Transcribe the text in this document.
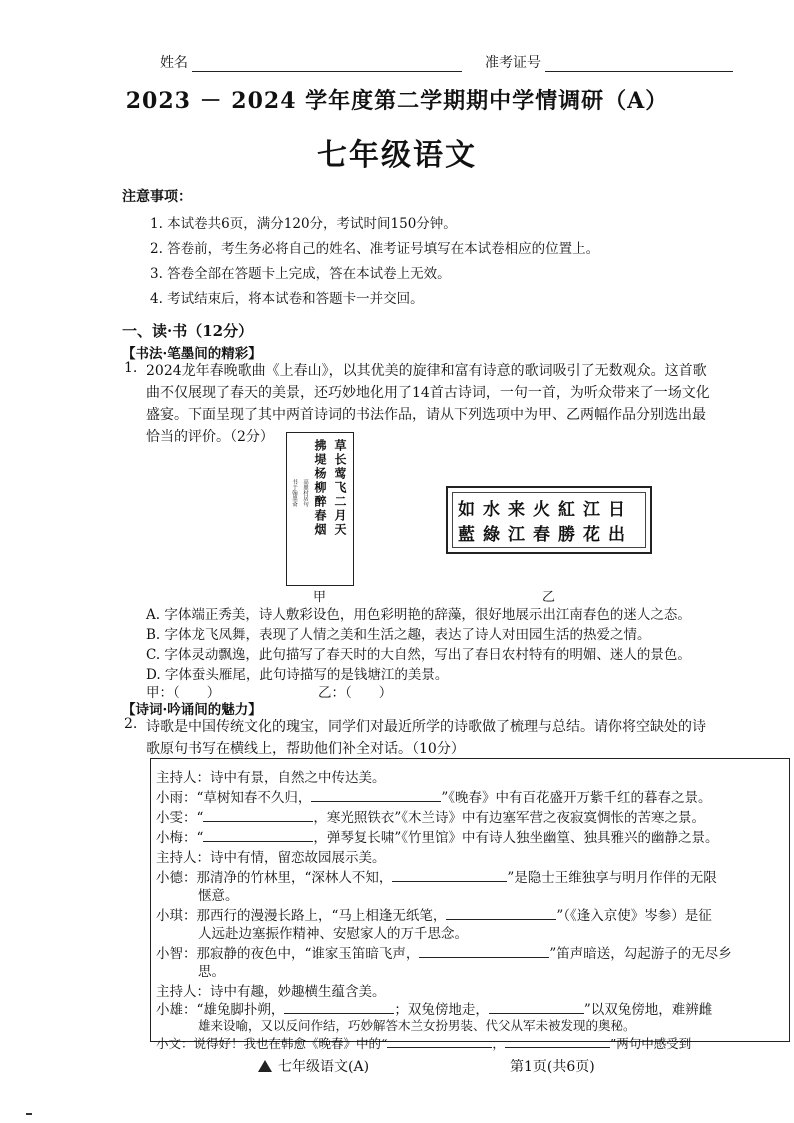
姓名	准考证号
2023 － 2024 学年度第二学期期中学情调研（A）
七年级语文
注意事项：
1. 本试卷共6页，满分120分，考试时间150分钟。
2. 答卷前，考生务必将自己的姓名、准考证号填写在本试卷相应的位置上。
3. 答卷全部在答题卡上完成，答在本试卷上无效。
4. 考试结束后，将本试卷和答题卡一并交回。
一、读·书（12分）
【书法·笔墨间的精彩】
1. 2024龙年春晚歌曲《上春山》，以其优美的旋律和富有诗意的歌词吸引了无数观众。这首歌
曲不仅展现了春天的美景，还巧妙地化用了14首古诗词，一句一首，为听众带来了一场文化
盛宴。下面呈现了其中两首诗词的书法作品，请从下列选项中为甲、乙两幅作品分别选出最
恰当的评价。（2分）
草长莺飞二月天
拂堤杨柳醉春烟
高鼎村居句
书于翰墨斋
甲
如水来火紅江日
藍綠江春勝花出
乙
A. 字体端正秀美，诗人敷彩设色，用色彩明艳的辞藻，很好地展示出江南春色的迷人之态。
B. 字体龙飞凤舞，表现了人情之美和生活之趣，表达了诗人对田园生活的热爱之情。
C. 字体灵动飘逸，此句描写了春天时的大自然，写出了春日农村特有的明媚、迷人的景色。
D. 字体蚕头雁尾，此句诗描写的是钱塘江的美景。
甲：（　　）	乙：（　　）
【诗词·吟诵间的魅力】
2. 诗歌是中国传统文化的瑰宝，同学们对最近所学的诗歌做了梳理与总结。请你将空缺处的诗
歌原句书写在横线上，帮助他们补全对话。（10分）
主持人：诗中有景，自然之中传达美。
小雨：“草树知春不久归，	”《晚春》中有百花盛开万紫千红的暮春之景。
小雯：“	，寒光照铁衣”《木兰诗》中有边塞军营之夜寂寞惆怅的苦寒之景。
小梅：“	，弹琴复长啸”《竹里馆》中有诗人独坐幽篁、独具雅兴的幽静之景。
主持人：诗中有情，留恋故园展示美。
小德：那清净的竹林里，“深林人不知，	”是隐士王维独享与明月作伴的无限
惬意。
小琪：那西行的漫漫长路上，“马上相逢无纸笔，	”（《逢入京使》岑参）是征
人远赴边塞振作精神、安慰家人的万千思念。
小智：那寂静的夜色中，“谁家玉笛暗飞声，	”笛声暗送，勾起游子的无尽乡
思。
主持人：诗中有趣，妙趣横生蕴含美。
小雄：“雄兔脚扑朔，	；双兔傍地走，	”以双兔傍地，难辨雌
雄来设喻，又以反问作结，巧妙解答木兰女扮男装、代父从军未被发现的奥秘。
小文：说得好！我也在韩愈《晚春》中的“	，	”两句中感受到
七年级语文(A)	第1页(共6页)
